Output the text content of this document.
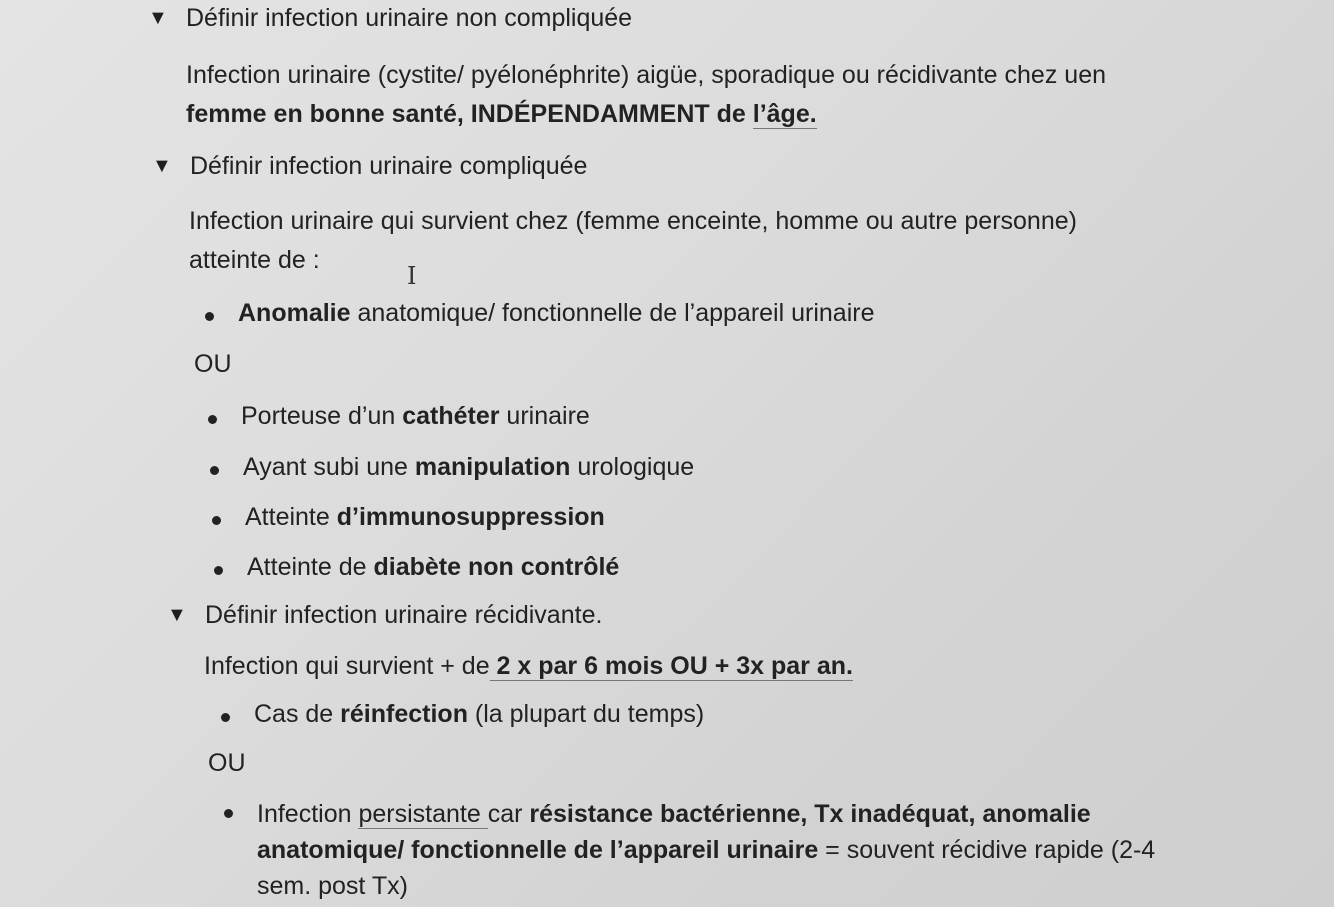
▼ Définir infection urinaire non compliquée
Infection urinaire (cystite/ pyélonéphrite) aigüe, sporadique ou récidivante chez uen
femme en bonne santé, INDÉPENDAMMENT de l’âge.
▼ Définir infection urinaire compliquée
Infection urinaire qui survient chez (femme enceinte, homme ou autre personne)
atteinte de :
I
Anomalie anatomique/ fonctionnelle de l’appareil urinaire
OU
Porteuse d’un cathéter urinaire
Ayant subi une manipulation urologique
Atteinte d’immunosuppression
Atteinte de diabète non contrôlé
▼ Définir infection urinaire récidivante.
Infection qui survient + de 2 x par 6 mois OU + 3x par an.
Cas de réinfection (la plupart du temps)
OU
Infection persistante car résistance bactérienne, Tx inadéquat, anomalie
anatomique/ fonctionnelle de l’appareil urinaire = souvent récidive rapide (2-4
sem. post Tx)
